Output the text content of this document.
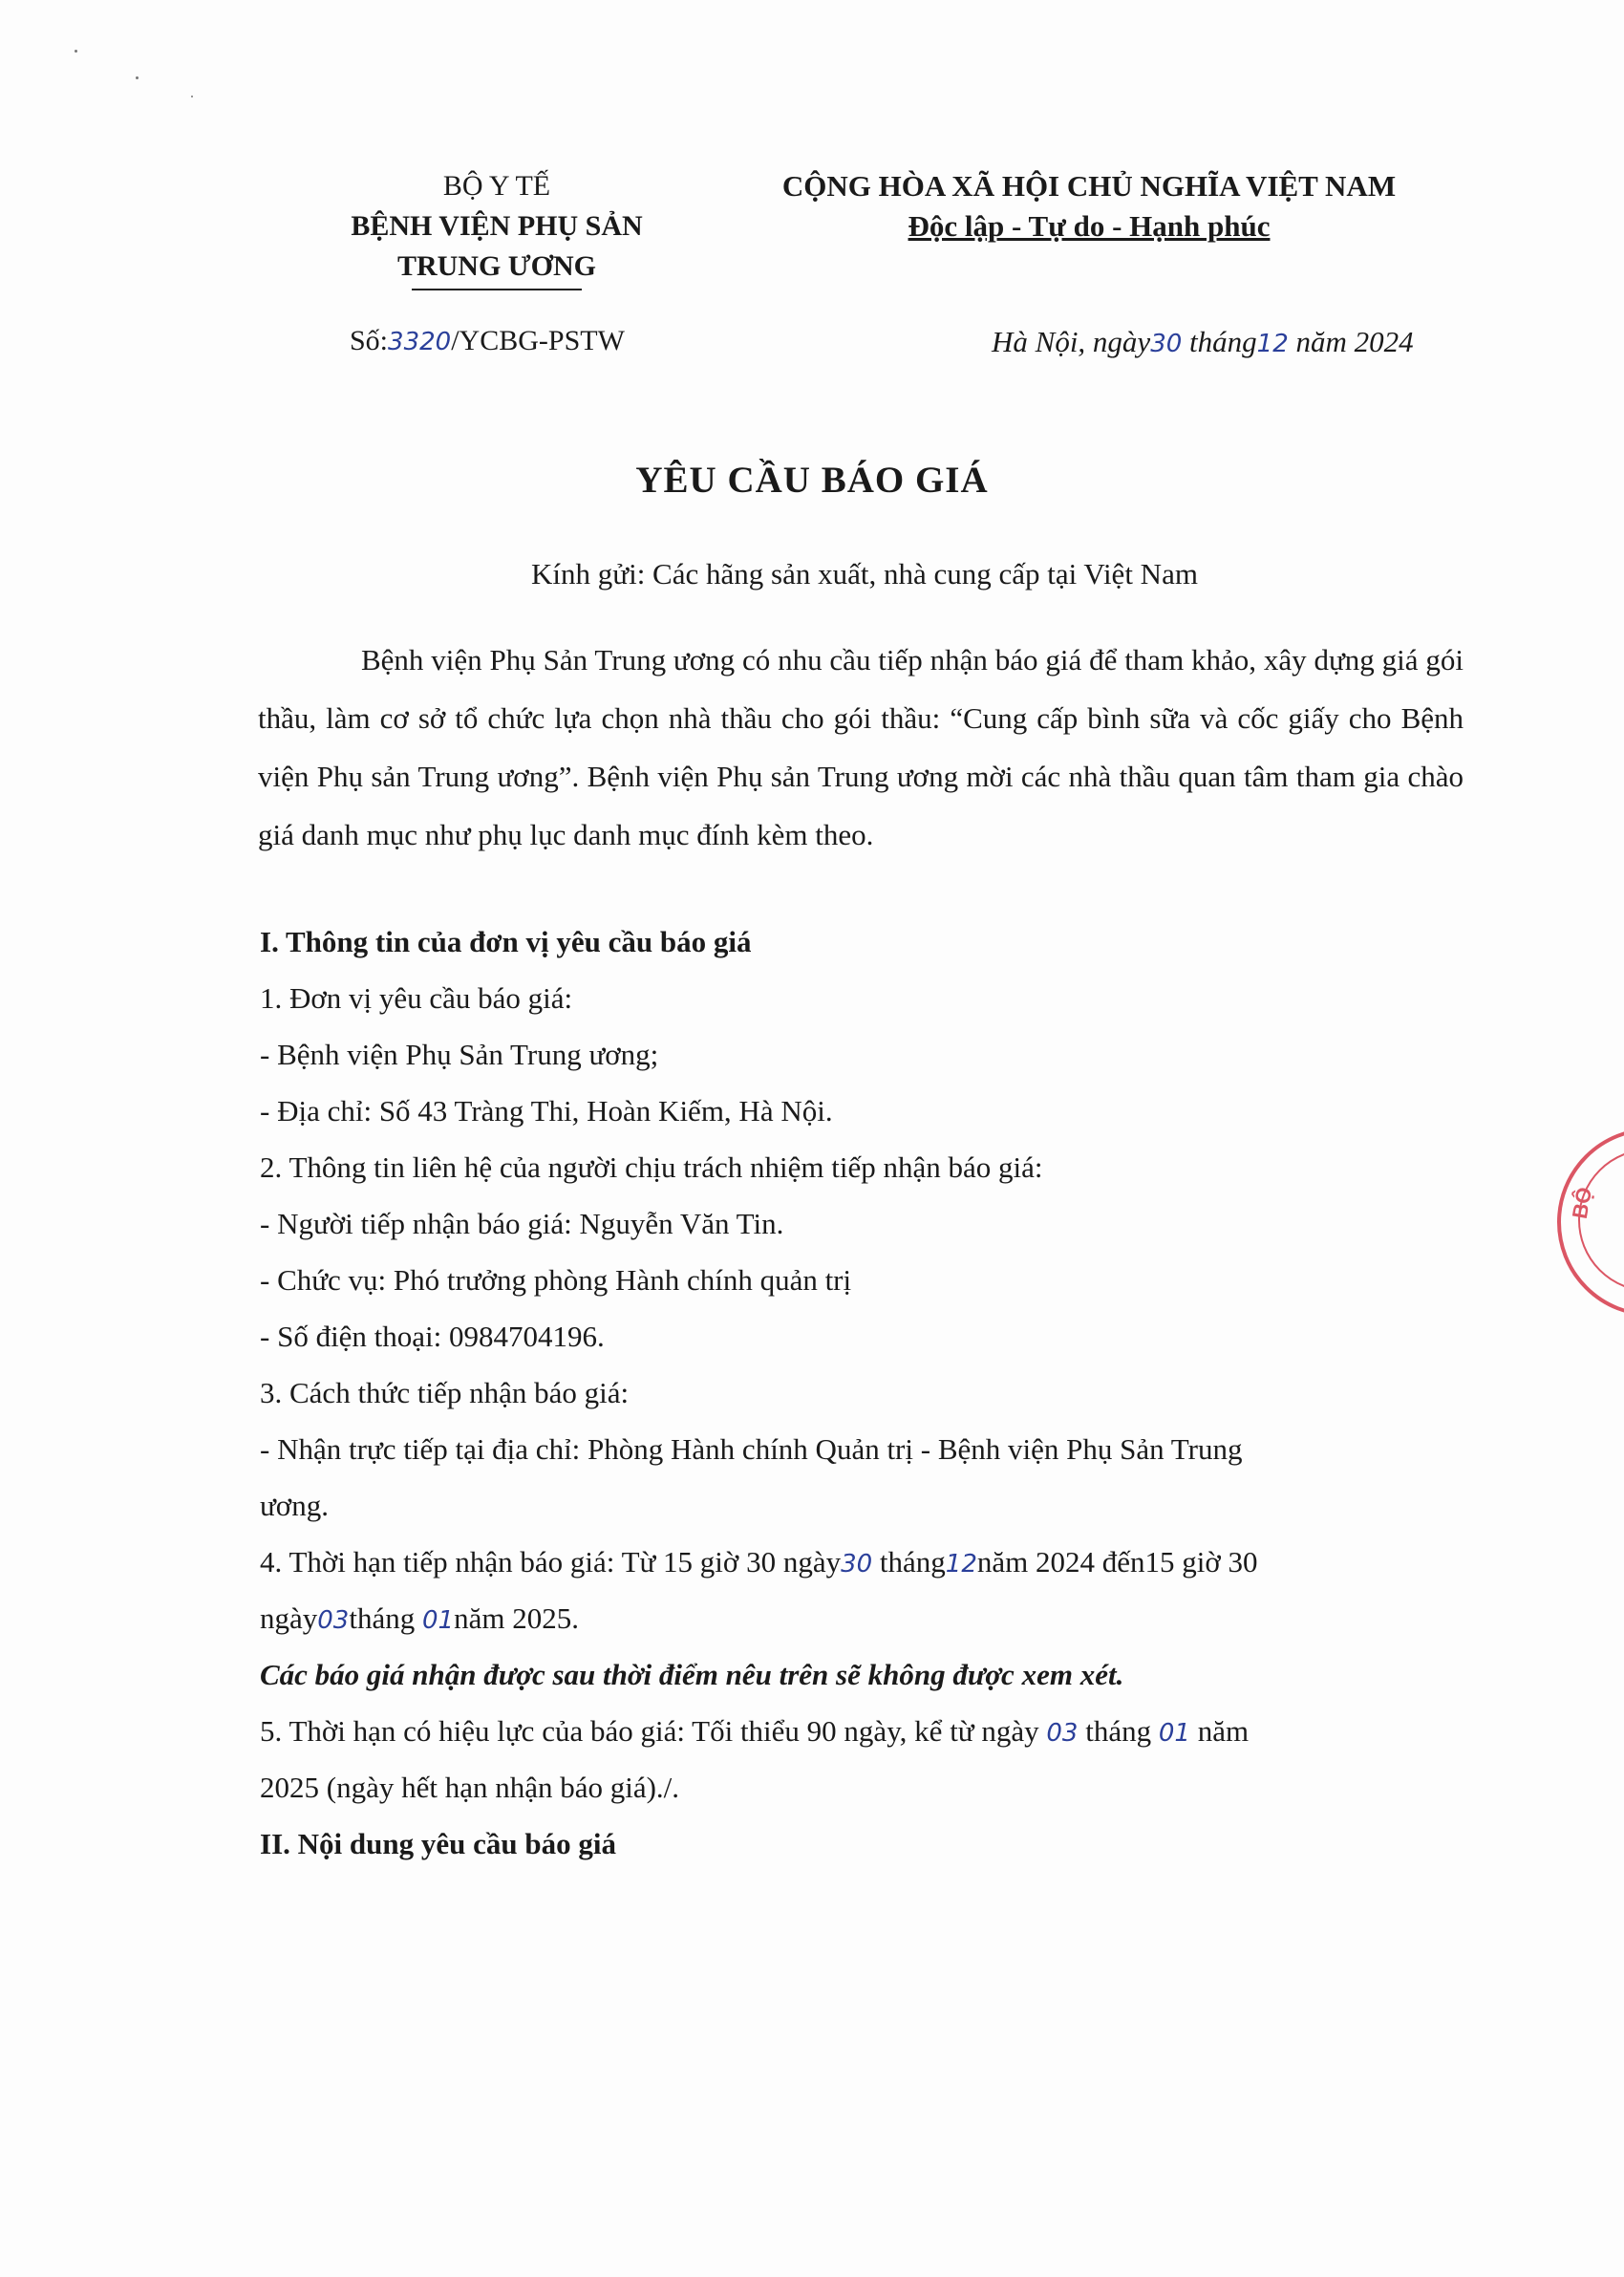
BỘ Y TẾ
BỆNH VIỆN PHỤ SẢN
TRUNG ƯƠNG
CỘNG HÒA XÃ HỘI CHỦ NGHĨA VIỆT NAM
Độc lập - Tự do - Hạnh phúc
Số:3320/YCBG-PSTW	Hà Nội, ngày30 tháng12 năm 2024
YÊU CẦU BÁO GIÁ
Kính gửi: Các hãng sản xuất, nhà cung cấp tại Việt Nam
Bệnh viện Phụ Sản Trung ương có nhu cầu tiếp nhận báo giá để tham khảo, xây dựng giá gói thầu, làm cơ sở tổ chức lựa chọn nhà thầu cho gói thầu: “Cung cấp bình sữa và cốc giấy cho Bệnh viện Phụ sản Trung ương”. Bệnh viện Phụ sản Trung ương mời các nhà thầu quan tâm tham gia chào giá danh mục như phụ lục danh mục đính kèm theo.
I. Thông tin của đơn vị yêu cầu báo giá
1. Đơn vị yêu cầu báo giá:
- Bệnh viện Phụ Sản Trung ương;
- Địa chỉ: Số 43 Tràng Thi, Hoàn Kiếm, Hà Nội.
2. Thông tin liên hệ của người chịu trách nhiệm tiếp nhận báo giá:
- Người tiếp nhận báo giá: Nguyễn Văn Tin.
- Chức vụ: Phó trưởng phòng Hành chính quản trị
- Số điện thoại: 0984704196.
3. Cách thức tiếp nhận báo giá:
- Nhận trực tiếp tại địa chỉ: Phòng Hành chính Quản trị - Bệnh viện Phụ Sản Trung
ương.
4. Thời hạn tiếp nhận báo giá: Từ 15 giờ 30 ngày30 tháng12năm 2024 đến15 giờ 30
ngày03tháng 01năm 2025.
Các báo giá nhận được sau thời điểm nêu trên sẽ không được xem xét.
5. Thời hạn có hiệu lực của báo giá: Tối thiểu 90 ngày, kể từ ngày 03 tháng 01 năm
2025 (ngày hết hạn nhận báo giá)./.
II. Nội dung yêu cầu báo giá
BỘ
